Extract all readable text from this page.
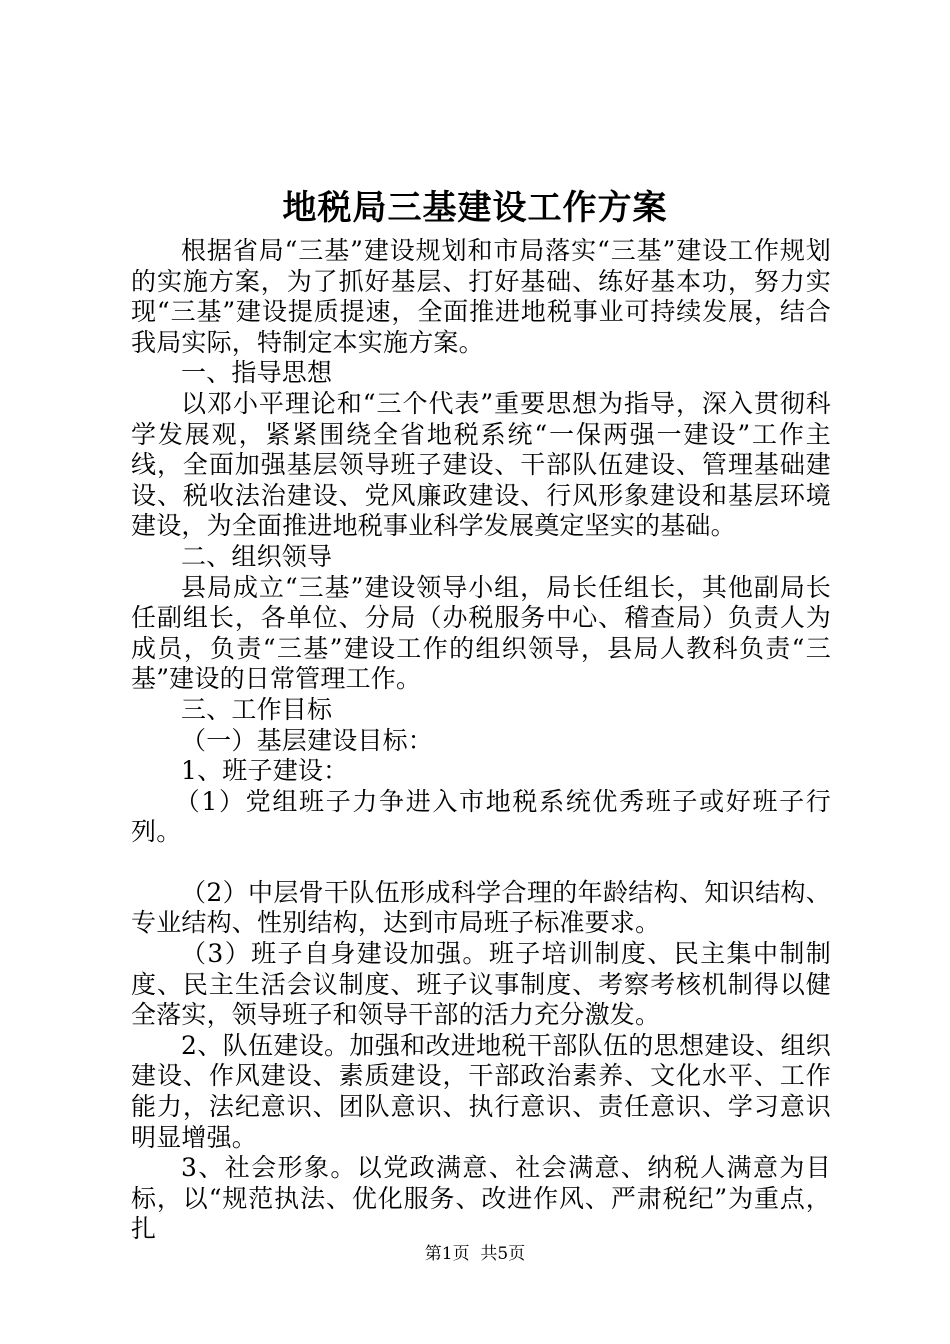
地税局三基建设工作方案

根据省局“三基”建设规划和市局落实“三基”建设工作规划的实施方案，为了抓好基层、打好基础、练好基本功，努力实现“三基”建设提质提速，全面推进地税事业可持续发展，结合我局实际，特制定本实施方案。

一、指导思想

以邓小平理论和“三个代表”重要思想为指导，深入贯彻科学发展观，紧紧围绕全省地税系统“一保两强一建设”工作主线，全面加强基层领导班子建设、干部队伍建设、管理基础建设、税收法治建设、党风廉政建设、行风形象建设和基层环境建设，为全面推进地税事业科学发展奠定坚实的基础。

二、组织领导

县局成立“三基”建设领导小组，局长任组长，其他副局长任副组长，各单位、分局（办税服务中心、稽查局）负责人为成员，负责“三基”建设工作的组织领导，县局人教科负责“三基”建设的日常管理工作。

三、工作目标

（一）基层建设目标：

1、班子建设：

（1）党组班子力争进入市地税系统优秀班子或好班子行列。

（2）中层骨干队伍形成科学合理的年龄结构、知识结构、专业结构、性别结构，达到市局班子标准要求。

（3）班子自身建设加强。班子培训制度、民主集中制制度、民主生活会议制度、班子议事制度、考察考核机制得以健全落实，领导班子和领导干部的活力充分激发。

2、队伍建设。加强和改进地税干部队伍的思想建设、组织建设、作风建设、素质建设，干部政治素养、文化水平、工作能力，法纪意识、团队意识、执行意识、责任意识、学习意识明显增强。

3、社会形象。以党政满意、社会满意、纳税人满意为目标，以“规范执法、优化服务、改进作风、严肃税纪”为重点，扎

第1页 共5页
